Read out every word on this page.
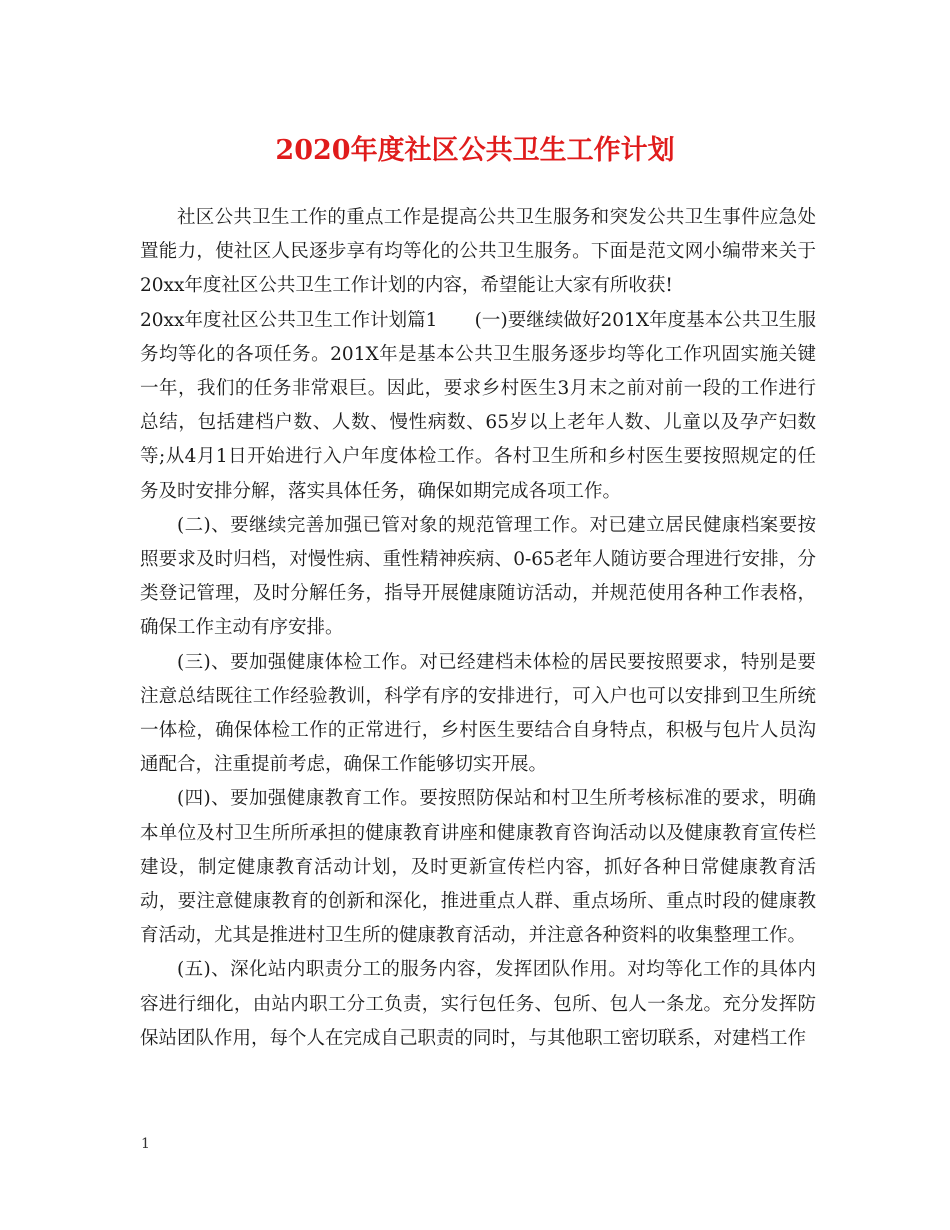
2020年度社区公共卫生工作计划

社区公共卫生工作的重点工作是提高公共卫生服务和突发公共卫生事件应急处置能力，使社区人民逐步享有均等化的公共卫生服务。下面是范文网小编带来关于20xx年度社区公共卫生工作计划的内容，希望能让大家有所收获!

20xx年度社区公共卫生工作计划篇1　　(一)要继续做好201X年度基本公共卫生服务均等化的各项任务。201X年是基本公共卫生服务逐步均等化工作巩固实施关键一年，我们的任务非常艰巨。因此，要求乡村医生3月末之前对前一段的工作进行总结，包括建档户数、人数、慢性病数、65岁以上老年人数、儿童以及孕产妇数等;从4月1日开始进行入户年度体检工作。各村卫生所和乡村医生要按照规定的任务及时安排分解，落实具体任务，确保如期完成各项工作。

(二)、要继续完善加强已管对象的规范管理工作。对已建立居民健康档案要按照要求及时归档，对慢性病、重性精神疾病、0-65老年人随访要合理进行安排，分类登记管理，及时分解任务，指导开展健康随访活动，并规范使用各种工作表格，确保工作主动有序安排。

(三)、要加强健康体检工作。对已经建档未体检的居民要按照要求，特别是要注意总结既往工作经验教训，科学有序的安排进行，可入户也可以安排到卫生所统一体检，确保体检工作的正常进行，乡村医生要结合自身特点，积极与包片人员沟通配合，注重提前考虑，确保工作能够切实开展。

(四)、要加强健康教育工作。要按照防保站和村卫生所考核标准的要求，明确本单位及村卫生所所承担的健康教育讲座和健康教育咨询活动以及健康教育宣传栏建设，制定健康教育活动计划，及时更新宣传栏内容，抓好各种日常健康教育活动，要注意健康教育的创新和深化，推进重点人群、重点场所、重点时段的健康教育活动，尤其是推进村卫生所的健康教育活动，并注意各种资料的收集整理工作。

(五)、深化站内职责分工的服务内容，发挥团队作用。对均等化工作的具体内容进行细化，由站内职工分工负责，实行包任务、包所、包人一条龙。充分发挥防保站团队作用，每个人在完成自己职责的同时，与其他职工密切联系，对建档工作

1
